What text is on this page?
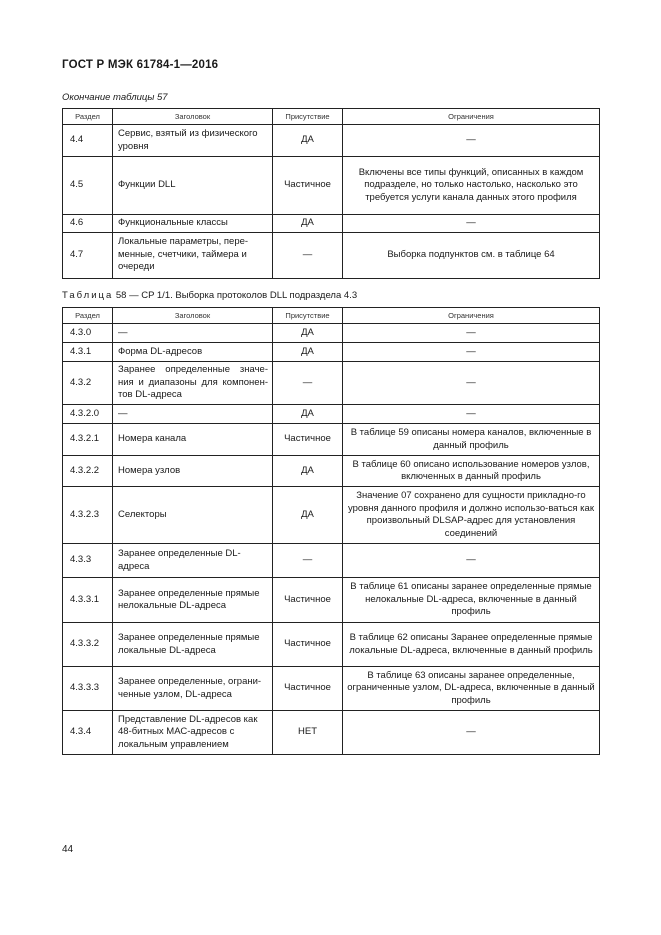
ГОСТ Р МЭК 61784-1—2016
Окончание таблицы 57
Раздел	Заголовок	Присутствие	Ограничения
4.4	Сервис, взятый из физического уровня	ДА	—
4.5	Функции DLL	Частичное	Включены все типы функций, описанных в каждом подразделе, но только настолько, насколько это требуется услуги канала данных этого профиля
4.6	Функциональные классы	ДА	—
4.7	Локальные параметры, пере-менные, счетчики, таймера и очереди	—	Выборка подпунктов см. в таблице 64
Таблица 58 — CP 1/1. Выборка протоколов DLL подраздела 4.3
Раздел	Заголовок	Присутствие	Ограничения
4.3.0	—	ДА	—
4.3.1	Форма DL-адресов	ДА	—
4.3.2	Заранее определенные значе-ния и диапазоны для компонен-тов DL-адреса	—	—
4.3.2.0	—	ДА	—
4.3.2.1	Номера канала	Частичное	В таблице 59 описаны номера каналов, включенные в данный профиль
4.3.2.2	Номера узлов	ДА	В таблице 60 описано использование номеров узлов, включенных в данный профиль
4.3.2.3	Селекторы	ДА	Значение 07 сохранено для сущности прикладно-го уровня данного профиля и должно использо-ваться как произвольный DLSAP-адрес для установления соединений
4.3.3	Заранее определенные DL-адреса	—	—
4.3.3.1	Заранее определенные прямые нелокальные DL-адреса	Частичное	В таблице 61 описаны заранее определенные прямые нелокальные DL-адреса, включенные в данный профиль
4.3.3.2	Заранее определенные прямые локальные DL-адреса	Частичное	В таблице 62 описаны Заранее определенные прямые локальные DL-адреса, включенные в данный профиль
4.3.3.3	Заранее определенные, ограни-ченные узлом, DL-адреса	Частичное	В таблице 63 описаны заранее определенные, ограниченные узлом, DL-адреса, включенные в данный профиль
4.3.4	Представление DL-адресов как 48-битных МАС-адресов с локальным управлением	НЕТ	—
44
